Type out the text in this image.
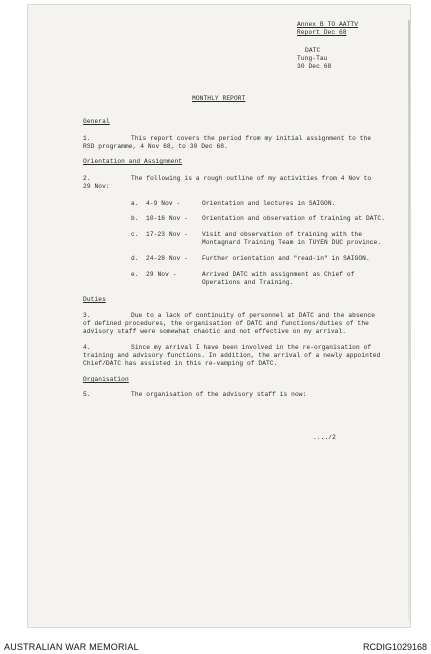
Annex B TO AATTV
Report Dec 68
DATC
Tung-Tau
30 Dec 68
MONTHLY REPORT
General
1.	This report covers the period from my initial assignment to the
RSD programme, 4 Nov 68, to 30 Dec 68.
Orientation and Assignment
2.	The following is a rough outline of my activities from 4 Nov to
29 Nov:
a. 4-9 Nov -	Orientation and lectures in SAIGON.
b. 10-16 Nov - Orientation and observation of training at DATC.
c. 17-23 Nov - Visit and observation of training with the
Montagnard Training Team in TUYEN DUC province.
d. 24-28 Nov - Further orientation and "read-in" in SAIGON.
e. 29 Nov -	Arrived DATC with assignment as Chief of
Operations and Training.
Duties
3.	Due to a lack of continuity of personnel at DATC and the absence
of defined procedures, the organisation of DATC and functions/duties of the
advisory staff were somewhat chaotic and not effective on my arrival.
4.	Since my arrival I have been involved in the re-organisation of
training and advisory functions. In addition, the arrival of a newly appointed
Chief/DATC has assisted in this re-vamping of DATC.
Organisation
5.	The organisation of the advisory staff is now:
..../2
AUSTRALIAN WAR MEMORIAL	RCDIG1029168
